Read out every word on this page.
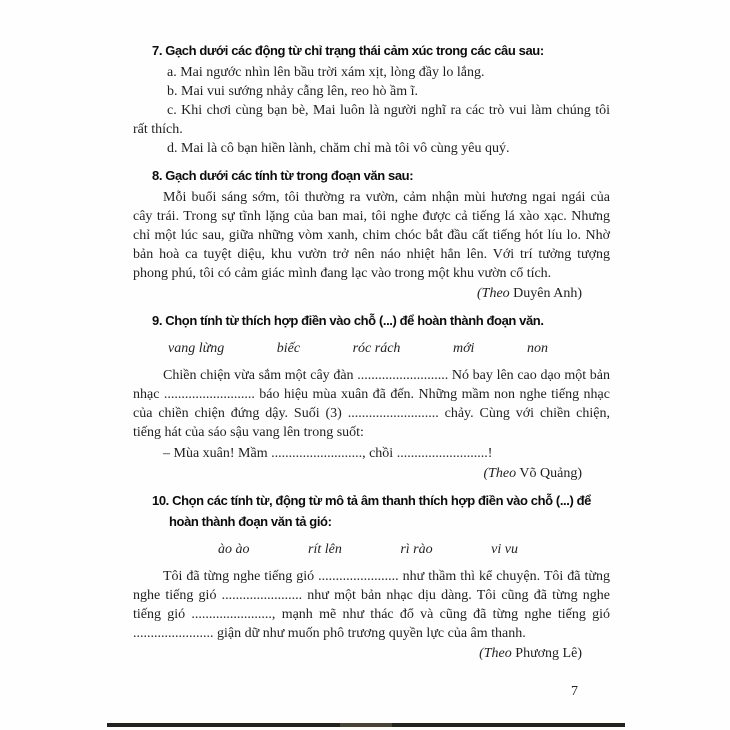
7. Gạch dưới các động từ chỉ trạng thái cảm xúc trong các câu sau:

a. Mai ngước nhìn lên bầu trời xám xịt, lòng đầy lo lắng.

b. Mai vui sướng nhảy cẫng lên, reo hò ầm ĩ.

c. Khi chơi cùng bạn bè, Mai luôn là người nghĩ ra các trò vui làm chúng tôi rất thích.

d. Mai là cô bạn hiền lành, chăm chỉ mà tôi vô cùng yêu quý.

8. Gạch dưới các tính từ trong đoạn văn sau:

Mỗi buổi sáng sớm, tôi thường ra vườn, cảm nhận mùi hương ngai ngái của cây trái. Trong sự tĩnh lặng của ban mai, tôi nghe được cả tiếng lá xào xạc. Nhưng chỉ một lúc sau, giữa những vòm xanh, chim chóc bắt đầu cất tiếng hót líu lo. Nhờ bản hoà ca tuyệt diệu, khu vườn trở nên náo nhiệt hẳn lên. Với trí tưởng tượng phong phú, tôi có cảm giác mình đang lạc vào trong một khu vườn cổ tích.

(Theo Duyên Anh)

9. Chọn tính từ thích hợp điền vào chỗ (...) để hoàn thành đoạn văn.

vang lừng	biếc	róc rách	mới	non

Chiền chiện vừa sắm một cây đàn .......................... Nó bay lên cao dạo một bản nhạc .......................... báo hiệu mùa xuân đã đến. Những mầm non nghe tiếng nhạc của chiền chiện đứng dậy. Suối (3) .......................... chảy. Cùng với chiền chiện, tiếng hát của sáo sậu vang lên trong suốt:

– Mùa xuân! Mầm .........................., chồi ..........................!

(Theo Võ Quảng)

10. Chọn các tính từ, động từ mô tả âm thanh thích hợp điền vào chỗ (...) để hoàn thành đoạn văn tả gió:

ào ào	rít lên	rì rào	vi vu

Tôi đã từng nghe tiếng gió ....................... như thầm thì kể chuyện. Tôi đã từng nghe tiếng gió ....................... như một bản nhạc dịu dàng. Tôi cũng đã từng nghe tiếng gió ......................., mạnh mẽ như thác đổ và cũng đã từng nghe tiếng gió ....................... giận dữ như muốn phô trương quyền lực của âm thanh.

(Theo Phương Lê)

7
